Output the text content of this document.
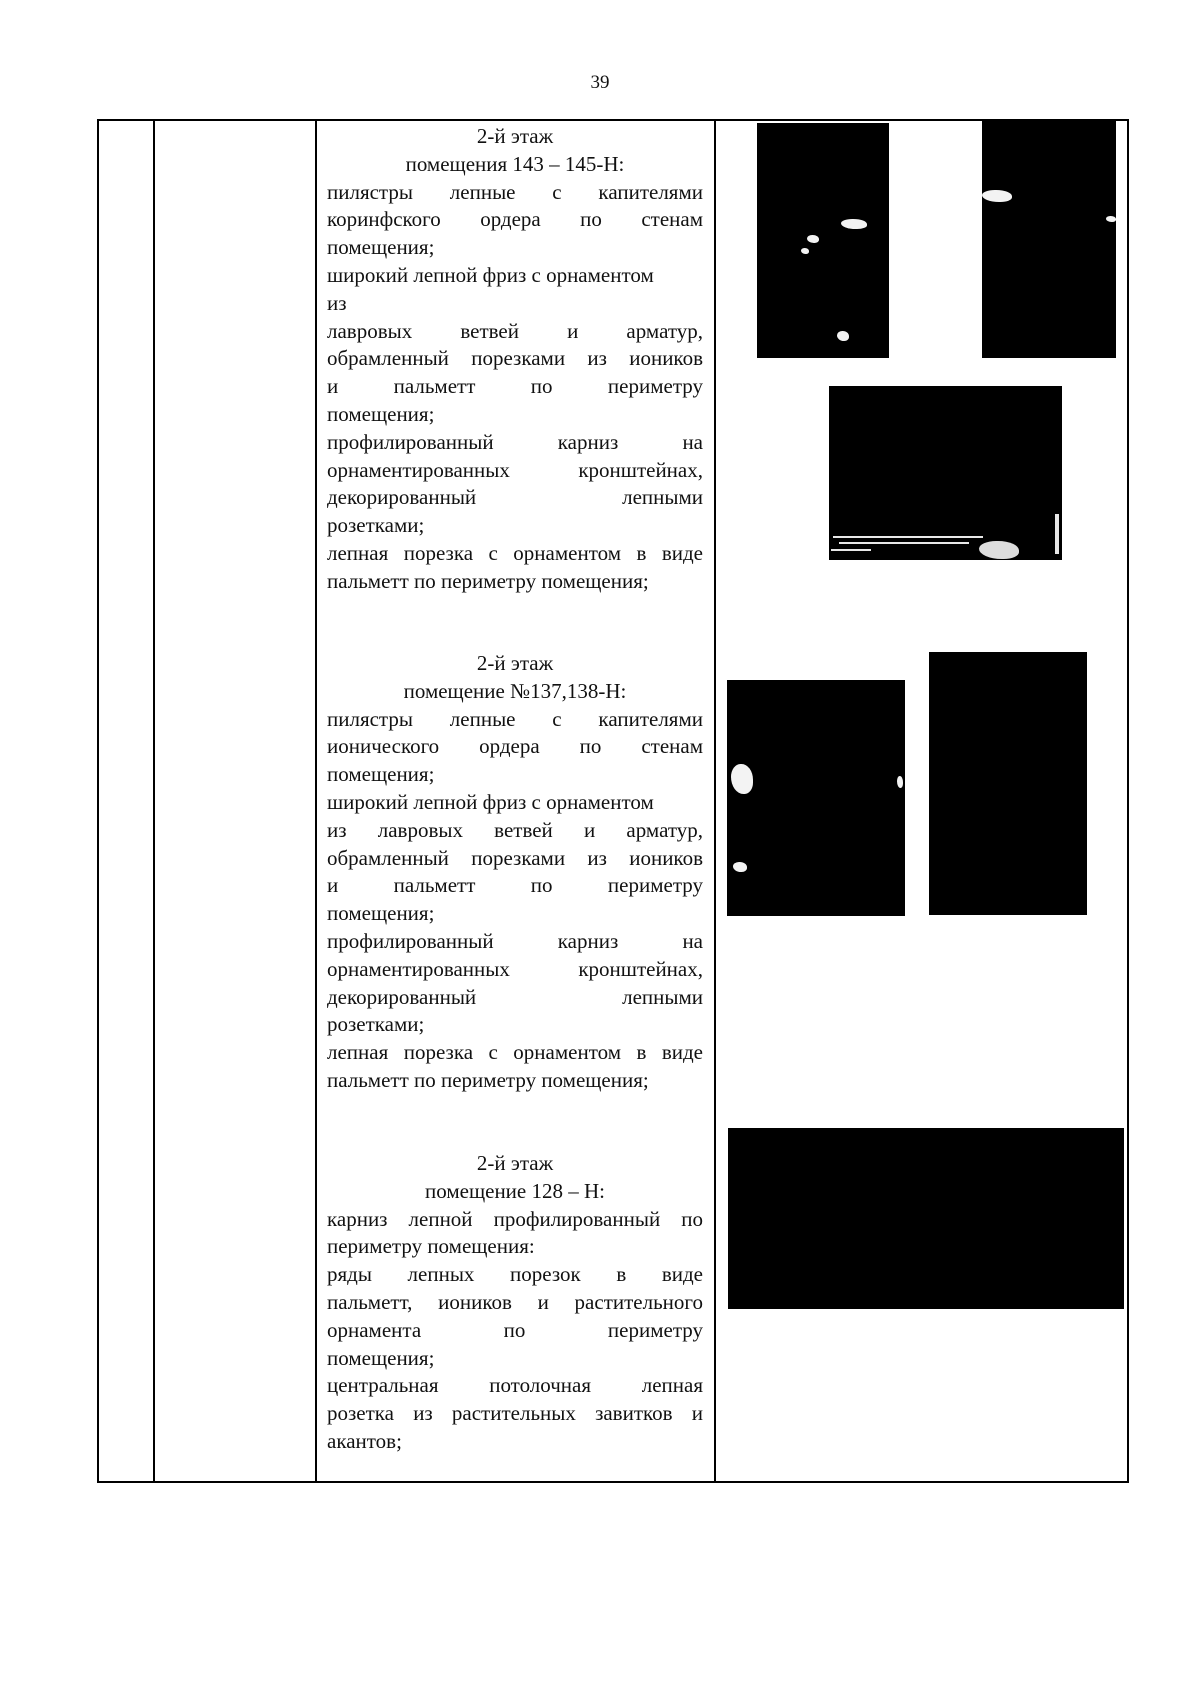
39
2-й этаж
помещения 143 – 145-Н:
пилястры лепные с капителями
коринфского ордера по стенам
помещения;
широкий лепной фриз с орнаментом
из
лавровых ветвей и арматур,
обрамленный порезками из иоников
и пальметт по периметру
помещения;
профилированный карниз на
орнаментированных кронштейнах,
декорированный лепными
розетками;
лепная порезка с орнаментом в виде
пальметт по периметру помещения;
2-й этаж
помещение №137,138-Н:
пилястры лепные с капителями
ионического ордера по стенам
помещения;
широкий лепной фриз с орнаментом
из лавровых ветвей и арматур,
обрамленный порезками из иоников
и пальметт по периметру
помещения;
профилированный карниз на
орнаментированных кронштейнах,
декорированный лепными
розетками;
лепная порезка с орнаментом в виде
пальметт по периметру помещения;
2-й этаж
помещение 128 – Н:
карниз лепной профилированный по
периметру помещения:
ряды лепных порезок в виде
пальметт, иоников и растительного
орнамента по периметру
помещения;
центральная потолочная лепная
розетка из растительных завитков и
акантов;
